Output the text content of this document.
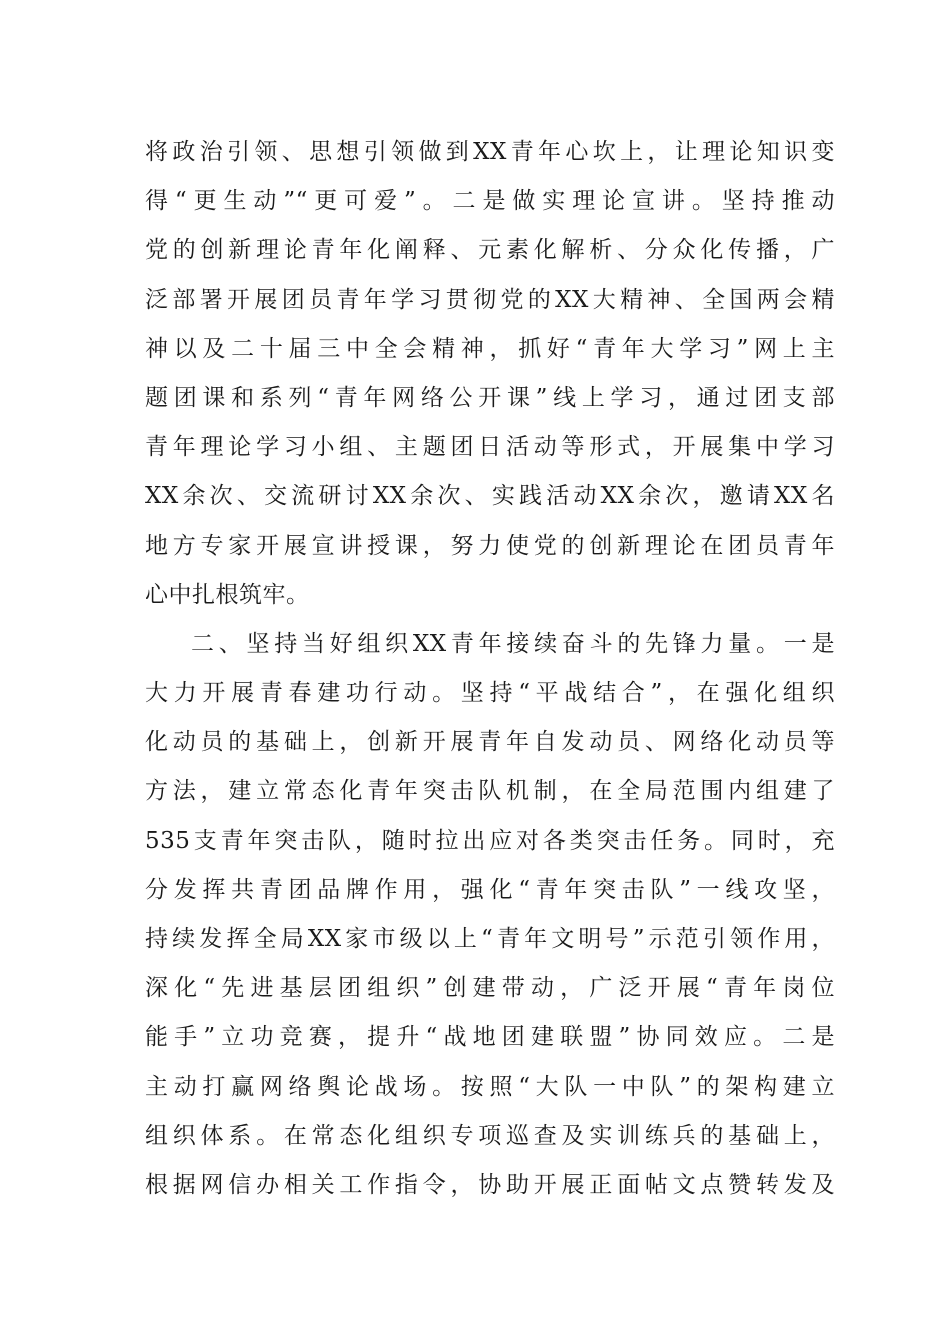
将政治引领、思想引领做到XX青年心坎上，让理论知识变
得“更生动”“更可爱”。二是做实理论宣讲。坚持推动
党的创新理论青年化阐释、元素化解析、分众化传播，广
泛部署开展团员青年学习贯彻党的XX大精神、全国两会精
神以及二十届三中全会精神，抓好“青年大学习”网上主
题团课和系列“青年网络公开课”线上学习，通过团支部
青年理论学习小组、主题团日活动等形式，开展集中学习
XX余次、交流研讨XX余次、实践活动XX余次，邀请XX名
地方专家开展宣讲授课，努力使党的创新理论在团员青年
心中扎根筑牢。
二、坚持当好组织XX青年接续奋斗的先锋力量。一是
大力开展青春建功行动。坚持“平战结合”，在强化组织
化动员的基础上，创新开展青年自发动员、网络化动员等
方法，建立常态化青年突击队机制，在全局范围内组建了
535支青年突击队，随时拉出应对各类突击任务。同时，充
分发挥共青团品牌作用，强化“青年突击队”一线攻坚，
持续发挥全局XX家市级以上“青年文明号”示范引领作用，
深化“先进基层团组织”创建带动，广泛开展“青年岗位
能手”立功竞赛，提升“战地团建联盟”协同效应。二是
主动打赢网络舆论战场。按照“大队一中队”的架构建立
组织体系。在常态化组织专项巡查及实训练兵的基础上，
根据网信办相关工作指令，协助开展正面帖文点赞转发及
